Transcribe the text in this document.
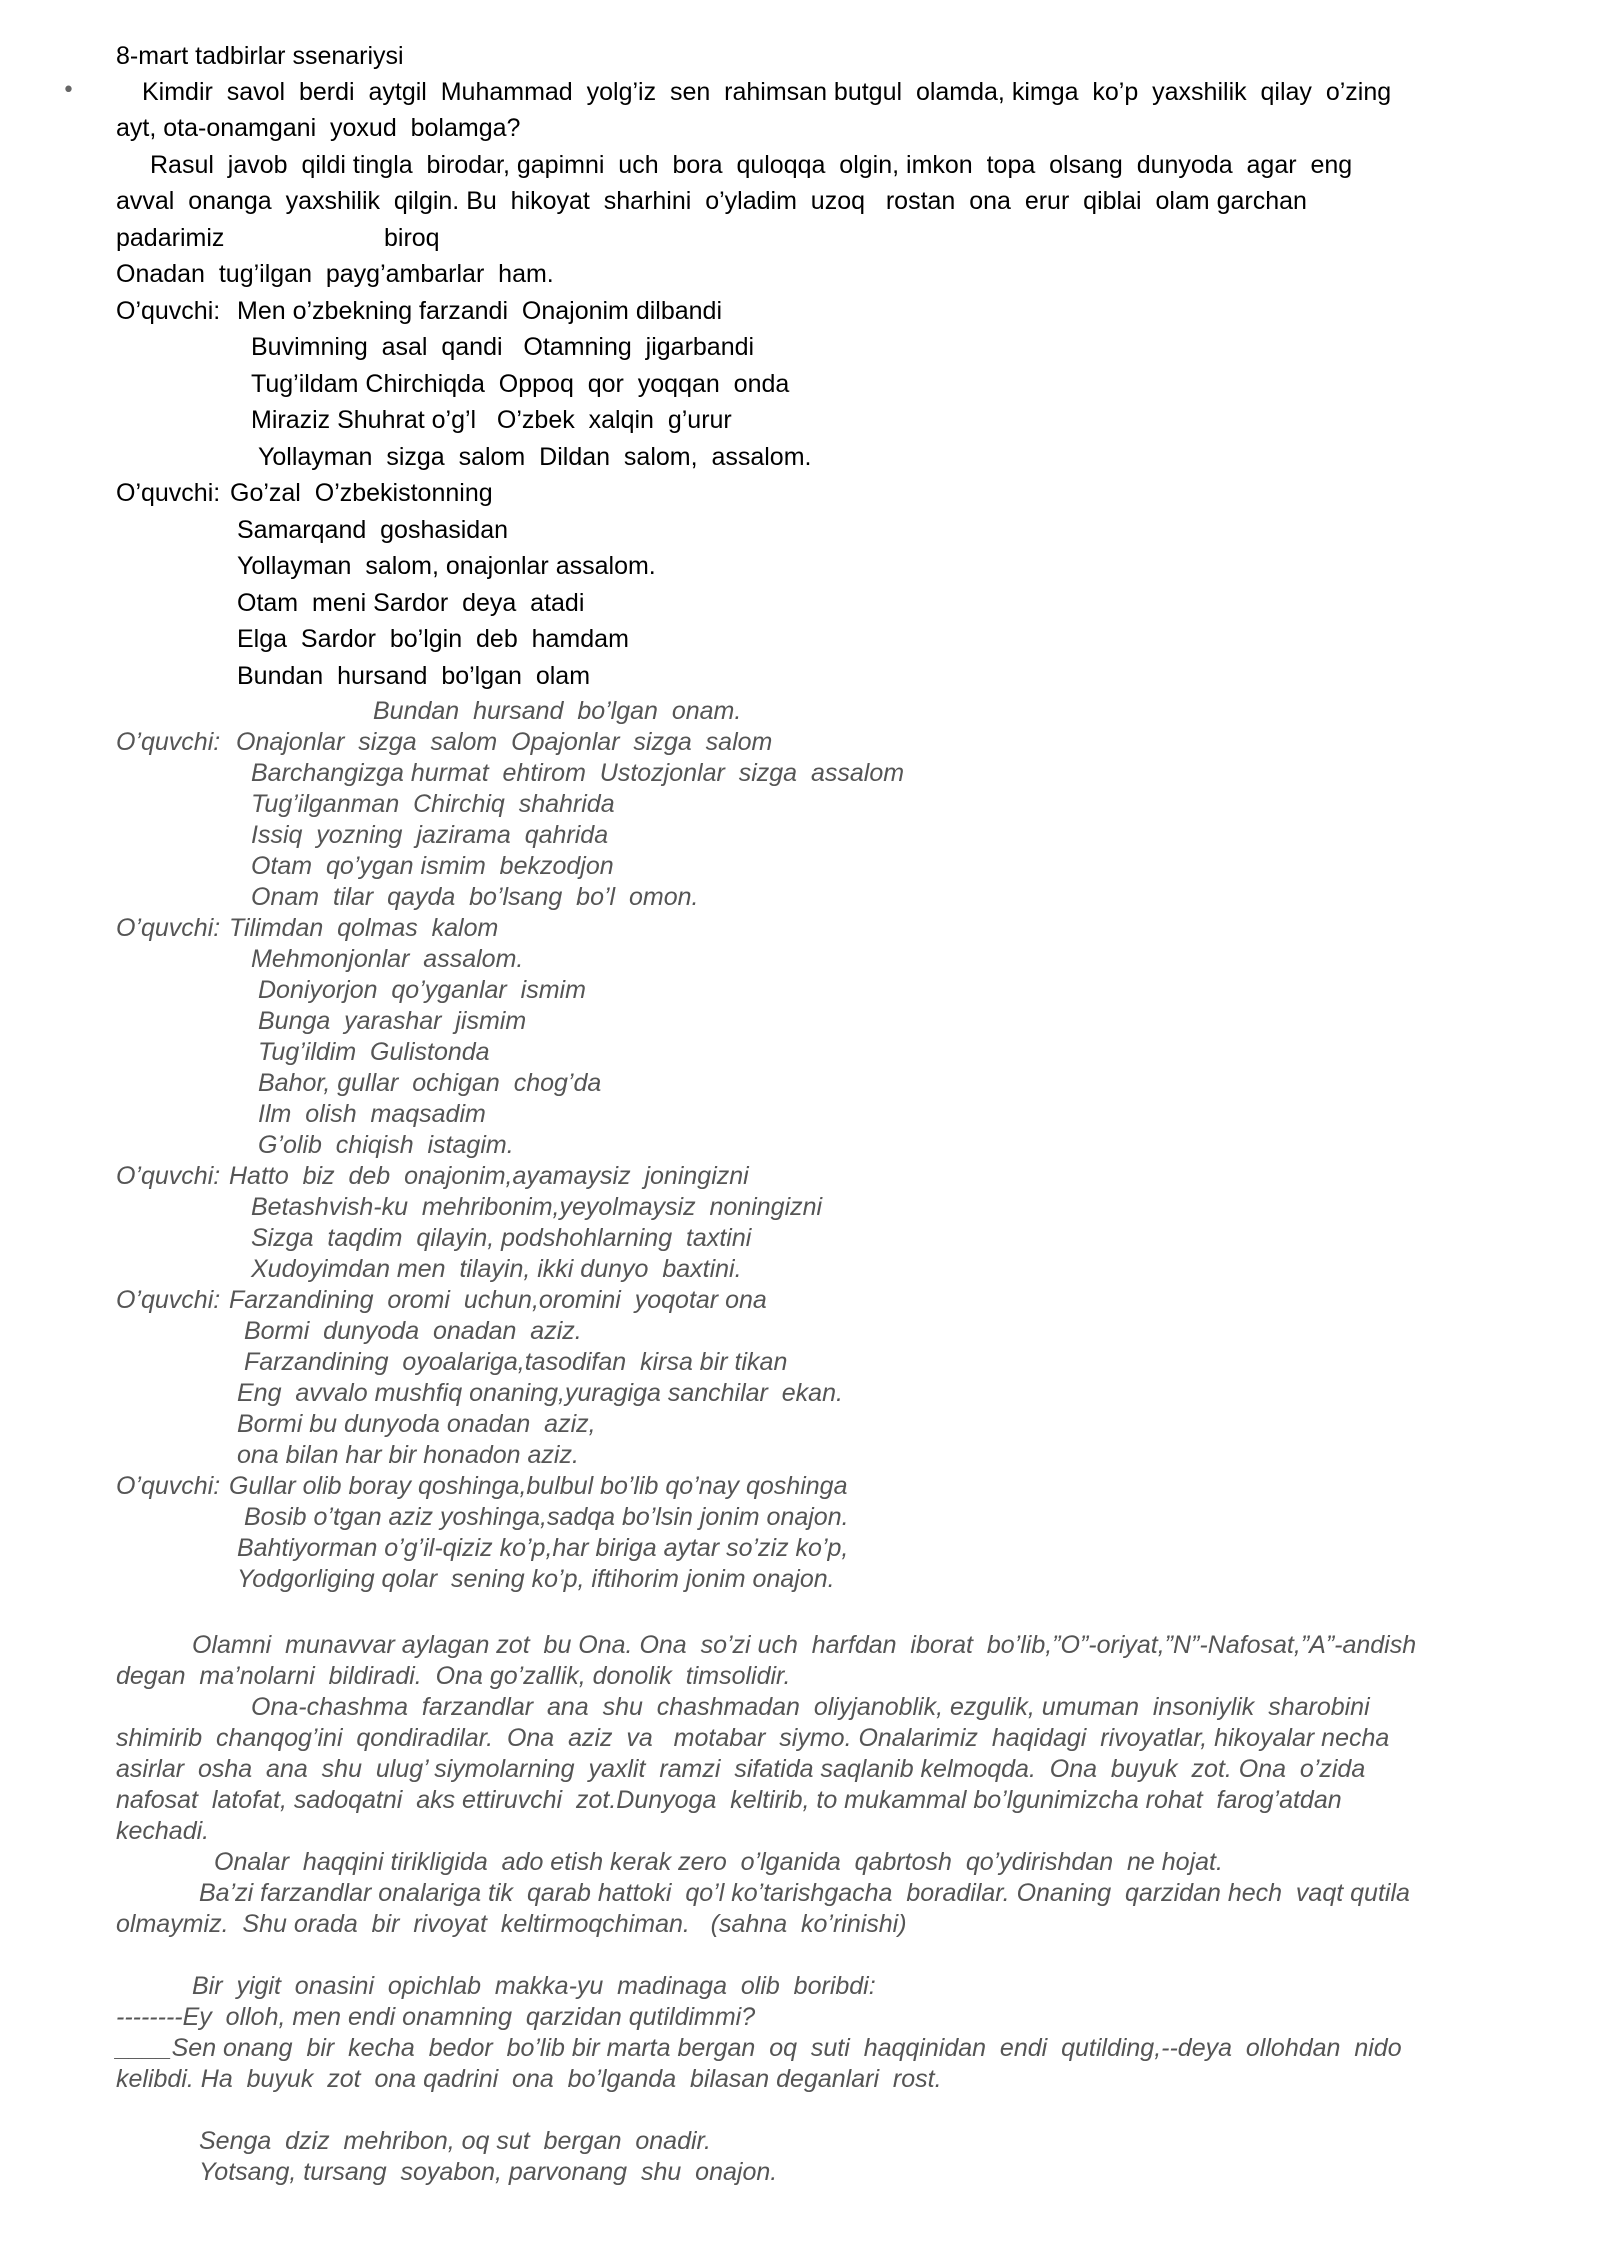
8-mart tadbirlar ssenariysi
•	Kimdir  savol  berdi  aytgil  Muhammad  yolg’iz  sen  rahimsan butgul  olamda, kimga  ko’p  yaxshilik  qilay  o’zing
ayt, ota-onamgani  yoxud  bolamga?
Rasul  javob  qildi tingla  birodar, gapimni  uch  bora  quloqqa  olgin, imkon  topa  olsang  dunyoda  agar  eng
avval  onanga  yaxshilik  qilgin. Bu  hikoyat  sharhini  o’yladim  uzoq   rostan  ona  erur  qiblai  olam garchan
padarimiz	biroq
Onadan  tug’ilgan  payg’ambarlar  ham.
O’quvchi: Men o’zbekning farzandi  Onajonim dilbandi
Buvimning  asal  qandi   Otamning  jigarbandi
Tug’ildam Chirchiqda  Oppoq  qor  yoqqan  onda
Miraziz Shuhrat o’g’l   O’zbek  xalqin  g’urur
Yollayman  sizga  salom  Dildan  salom,  assalom.
O’quvchi: Go’zal  O’zbekistonning
Samarqand  goshasidan
Yollayman  salom, onajonlar assalom.
Otam  meni Sardor  deya  atadi
Elga  Sardor  bo’lgin  deb  hamdam
Bundan  hursand  bo’lgan  olam
Bundan  hursand  bo’lgan  onam.
O’quvchi: Onajonlar  sizga  salom  Opajonlar  sizga  salom
Barchangizga hurmat  ehtirom  Ustozjonlar  sizga  assalom
Tug’ilganman  Chirchiq  shahrida
Issiq  yozning  jazirama  qahrida
Otam  qo’ygan ismim  bekzodjon
Onam  tilar  qayda  bo’lsang  bo’l  omon.
O’quvchi: Tilimdan  qolmas  kalom
Mehmonjonlar  assalom.
Doniyorjon  qo’yganlar  ismim
Bunga  yarashar  jismim
Tug’ildim  Gulistonda
Bahor, gullar  ochigan  chog’da
Ilm  olish  maqsadim
G’olib  chiqish  istagim.
O’quvchi: Hatto  biz  deb  onajonim,ayamaysiz  joningizni
Betashvish-ku  mehribonim,yeyolmaysiz  noningizni
Sizga  taqdim  qilayin, podshohlarning  taxtini
Xudoyimdan men  tilayin, ikki dunyo  baxtini.
O’quvchi: Farzandining  oromi  uchun,oromini  yoqotar ona
Bormi  dunyoda  onadan  aziz.
Farzandining  oyoalariga,tasodifan  kirsa bir tikan
Eng  avvalo mushfiq onaning,yuragiga sanchilar  ekan.
Bormi bu dunyoda onadan  aziz,
ona bilan har bir honadon aziz.
O’quvchi: Gullar olib boray qoshinga,bulbul bo’lib qo’nay qoshinga
Bosib o’tgan aziz yoshinga,sadqa bo’lsin jonim onajon.
Bahtiyorman o’g’il-qiziz ko’p,har biriga aytar so’ziz ko’p,
Yodgorliging qolar  sening ko’p, iftihorim jonim onajon.
Olamni  munavvar aylagan zot  bu Ona. Ona  so’zi uch  harfdan  iborat  bo’lib,”O”-oriyat,”N”-Nafosat,”A”-andish
degan  ma’nolarni  bildiradi.  Ona go’zallik, donolik  timsolidir.
Ona-chashma  farzandlar  ana  shu  chashmadan  oliyjanoblik, ezgulik, umuman  insoniylik  sharobini
shimirib  chanqog’ini  qondiradilar.  Ona  aziz  va   motabar  siymo. Onalarimiz  haqidagi  rivoyatlar, hikoyalar necha
asirlar  osha  ana  shu  ulug’ siymolarning  yaxlit  ramzi  sifatida saqlanib kelmoqda.  Ona  buyuk  zot. Ona  o’zida
nafosat  latofat, sadoqatni  aks ettiruvchi  zot.Dunyoga  keltirib, to mukammal bo’lgunimizcha rohat  farog’atdan
kechadi.
Onalar  haqqini tirikligida  ado etish kerak zero  o’lganida  qabrtosh  qo’ydirishdan  ne hojat.
Ba’zi farzandlar onalariga tik  qarab hattoki  qo’l ko’tarishgacha  boradilar. Onaning  qarzidan hech  vaqt qutila
olmaymiz.  Shu orada  bir  rivoyat  keltirmoqchiman.   (sahna  ko’rinishi)
Bir  yigit  onasini  opichlab  makka-yu  madinaga  olib  boribdi:
--------Ey  olloh, men endi onamning  qarzidan qutildimmi?
____Sen onang  bir  kecha  bedor  bo’lib bir marta bergan  oq  suti  haqqinidan  endi  qutilding,--deya  ollohdan  nido
kelibdi. Ha  buyuk  zot  ona qadrini  ona  bo’lganda  bilasan deganlari  rost.
Senga  dziz  mehribon, oq sut  bergan  onadir.
Yotsang, tursang  soyabon, parvonang  shu  onajon.
